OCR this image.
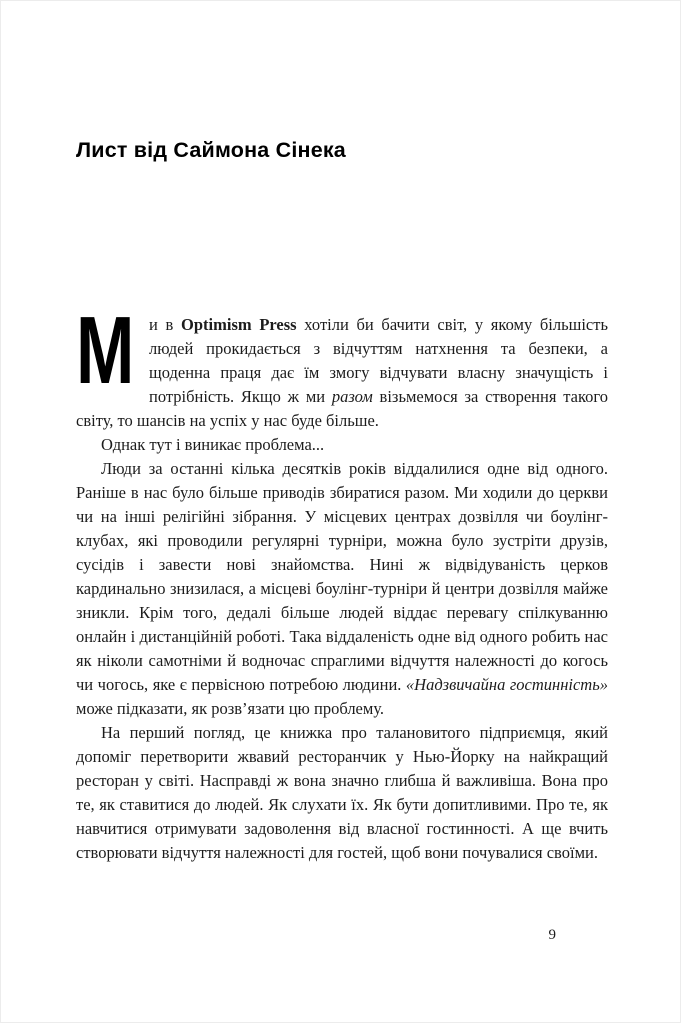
Лист від Саймона Сінека

М и в Optimism Press хотіли би бачити світ, у якому більшість людей прокидається з відчуттям натхнення та безпеки, а щоденна праця дає їм змогу відчувати власну значущість і потрібність. Якщо ж ми разом візьмемося за створення такого світу, то шансів на успіх у нас буде більше.

Однак тут і виникає проблема...

Люди за останні кілька десятків років віддалилися одне від одного. Раніше в нас було більше приводів збиратися разом. Ми ходили до церкви чи на інші релігійні зібрання. У місцевих центрах дозвілля чи боулінг-клубах, які проводили регулярні турніри, можна було зустріти друзів, сусідів і завести нові знайомства. Нині ж відвідуваність церков кардинально знизилася, а місцеві боулінг-турніри й центри дозвілля майже зникли. Крім того, дедалі більше людей віддає перевагу спілкуванню онлайн і дистанційній роботі. Така віддаленість одне від одного робить нас як ніколи самотніми й водночас спраглими відчуття належності до когось чи чогось, яке є первісною потребою людини. «Надзвичайна гостинність» може підказати, як розв’язати цю проблему.

На перший погляд, це книжка про талановитого підприємця, який допоміг перетворити жвавий ресторанчик у Нью-Йорку на найкращий ресторан у світі. Насправді ж вона значно глибша й важливіша. Вона про те, як ставитися до людей. Як слухати їх. Як бути допитливими. Про те, як навчитися отримувати задоволення від власної гостинності. А ще вчить створювати відчуття належності для гостей, щоб вони почувалися своїми.

9
